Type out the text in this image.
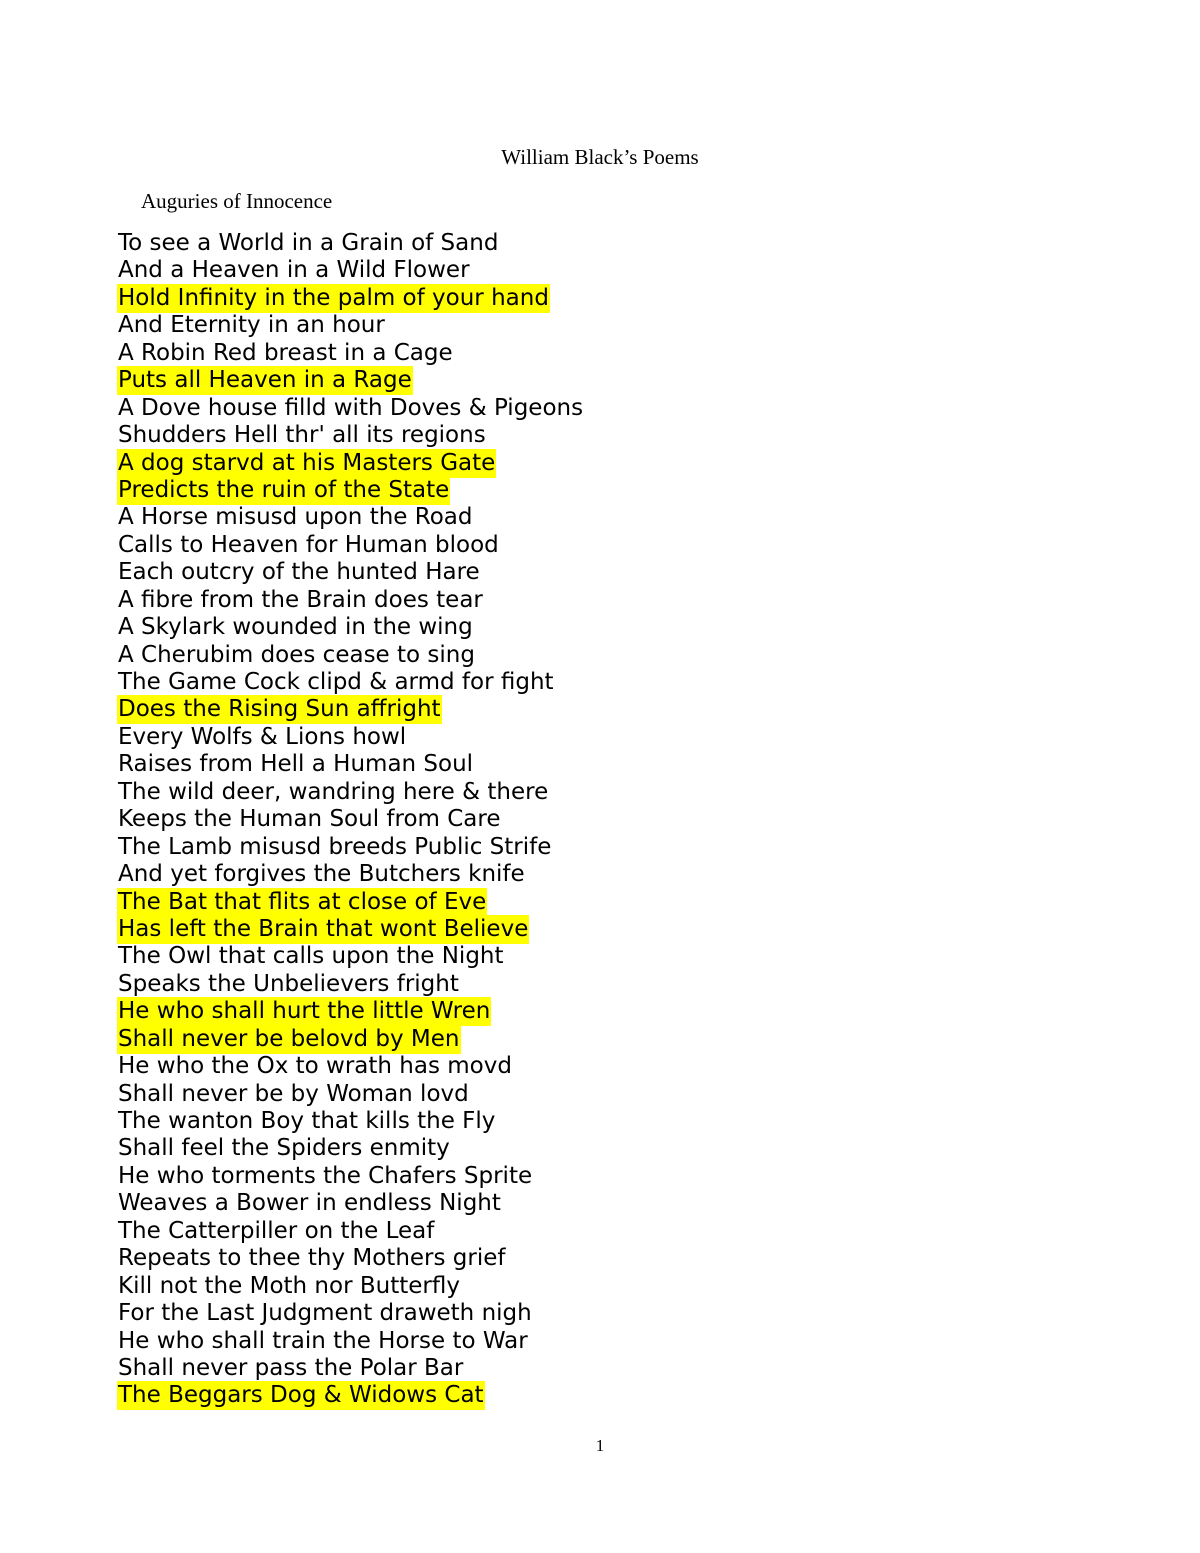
William Black’s Poems
Auguries of Innocence
To see a World in a Grain of Sand
And a Heaven in a Wild Flower
Hold Infinity in the palm of your hand
And Eternity in an hour
A Robin Red breast in a Cage
Puts all Heaven in a Rage
A Dove house filld with Doves & Pigeons
Shudders Hell thr' all its regions
A dog starvd at his Masters Gate
Predicts the ruin of the State
A Horse misusd upon the Road
Calls to Heaven for Human blood
Each outcry of the hunted Hare
A fibre from the Brain does tear
A Skylark wounded in the wing
A Cherubim does cease to sing
The Game Cock clipd & armd for fight
Does the Rising Sun affright
Every Wolfs & Lions howl
Raises from Hell a Human Soul
The wild deer, wandring here & there
Keeps the Human Soul from Care
The Lamb misusd breeds Public Strife
And yet forgives the Butchers knife
The Bat that flits at close of Eve
Has left the Brain that wont Believe
The Owl that calls upon the Night
Speaks the Unbelievers fright
He who shall hurt the little Wren
Shall never be belovd by Men
He who the Ox to wrath has movd
Shall never be by Woman lovd
The wanton Boy that kills the Fly
Shall feel the Spiders enmity
He who torments the Chafers Sprite
Weaves a Bower in endless Night
The Catterpiller on the Leaf
Repeats to thee thy Mothers grief
Kill not the Moth nor Butterfly
For the Last Judgment draweth nigh
He who shall train the Horse to War
Shall never pass the Polar Bar
The Beggars Dog & Widows Cat
1
